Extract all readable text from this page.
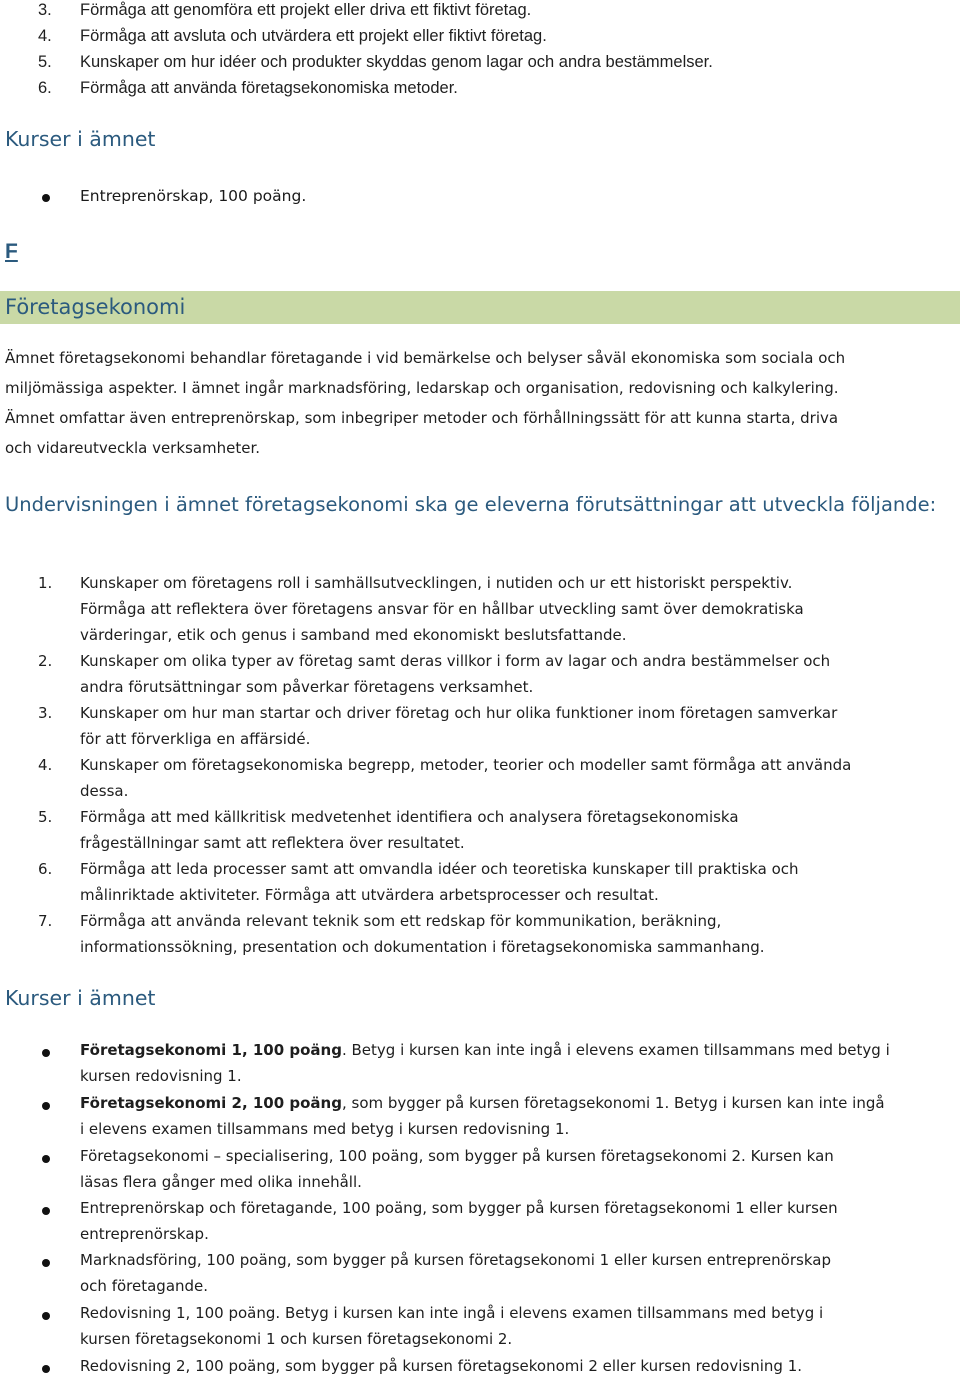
3.	Förmåga att genomföra ett projekt eller driva ett fiktivt företag.
4.	Förmåga att avsluta och utvärdera ett projekt eller fiktivt företag.
5.	Kunskaper om hur idéer och produkter skyddas genom lagar och andra bestämmelser.
6.	Förmåga att använda företagsekonomiska metoder.
Kurser i ämnet
Entreprenörskap, 100 poäng.
F
Företagsekonomi
Ämnet företagsekonomi behandlar företagande i vid bemärkelse och belyser såväl ekonomiska som sociala och
miljömässiga aspekter. I ämnet ingår marknadsföring, ledarskap och organisation, redovisning och kalkylering.
Ämnet omfattar även entreprenörskap, som inbegriper metoder och förhållningssätt för att kunna starta, driva
och vidareutveckla verksamheter.
Undervisningen i ämnet företagsekonomi ska ge eleverna förutsättningar att utveckla följande:
1. Kunskaper om företagens roll i samhällsutvecklingen, i nutiden och ur ett historiskt perspektiv.
Förmåga att reflektera över företagens ansvar för en hållbar utveckling samt över demokratiska
värderingar, etik och genus i samband med ekonomiskt beslutsfattande.
2. Kunskaper om olika typer av företag samt deras villkor i form av lagar och andra bestämmelser och
andra förutsättningar som påverkar företagens verksamhet.
3. Kunskaper om hur man startar och driver företag och hur olika funktioner inom företagen samverkar
för att förverkliga en affärsidé.
4. Kunskaper om företagsekonomiska begrepp, metoder, teorier och modeller samt förmåga att använda
dessa.
5. Förmåga att med källkritisk medvetenhet identifiera och analysera företagsekonomiska
frågeställningar samt att reflektera över resultatet.
6. Förmåga att leda processer samt att omvandla idéer och teoretiska kunskaper till praktiska och
målinriktade aktiviteter. Förmåga att utvärdera arbetsprocesser och resultat.
7. Förmåga att använda relevant teknik som ett redskap för kommunikation, beräkning,
informationssökning, presentation och dokumentation i företagsekonomiska sammanhang.
Kurser i ämnet
Företagsekonomi 1, 100 poäng. Betyg i kursen kan inte ingå i elevens examen tillsammans med betyg i
kursen redovisning 1.
Företagsekonomi 2, 100 poäng, som bygger på kursen företagsekonomi 1. Betyg i kursen kan inte ingå
i elevens examen tillsammans med betyg i kursen redovisning 1.
Företagsekonomi – specialisering, 100 poäng, som bygger på kursen företagsekonomi 2. Kursen kan
läsas flera gånger med olika innehåll.
Entreprenörskap och företagande, 100 poäng, som bygger på kursen företagsekonomi 1 eller kursen
entreprenörskap.
Marknadsföring, 100 poäng, som bygger på kursen företagsekonomi 1 eller kursen entreprenörskap
och företagande.
Redovisning 1, 100 poäng. Betyg i kursen kan inte ingå i elevens examen tillsammans med betyg i
kursen företagsekonomi 1 och kursen företagsekonomi 2.
Redovisning 2, 100 poäng, som bygger på kursen företagsekonomi 2 eller kursen redovisning 1.
